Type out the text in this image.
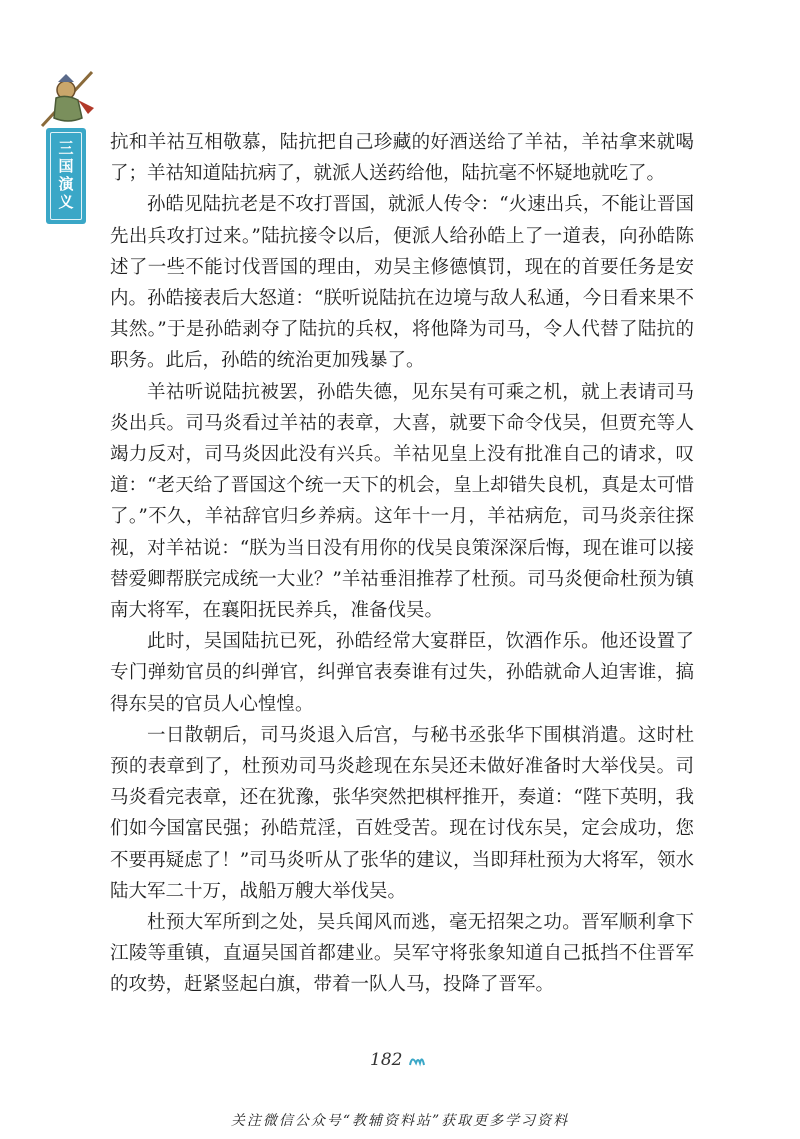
三国演义 抗和羊祜互相敬慕，陆抗把自己珍藏的好酒送给了羊祜，羊祜拿来就喝了；羊祜知道陆抗病了，就派人送药给他，陆抗毫不怀疑地就吃了。

孙皓见陆抗老是不攻打晋国，就派人传令：“火速出兵，不能让晋国先出兵攻打过来。”陆抗接令以后，便派人给孙皓上了一道表，向孙皓陈述了一些不能讨伐晋国的理由，劝吴主修德慎罚，现在的首要任务是安内。孙皓接表后大怒道：“朕听说陆抗在边境与敌人私通，今日看来果不其然。”于是孙皓剥夺了陆抗的兵权，将他降为司马，令人代替了陆抗的职务。此后，孙皓的统治更加残暴了。

羊祜听说陆抗被罢，孙皓失德，见东吴有可乘之机，就上表请司马炎出兵。司马炎看过羊祜的表章，大喜，就要下命令伐吴，但贾充等人竭力反对，司马炎因此没有兴兵。羊祜见皇上没有批准自己的请求，叹道：“老天给了晋国这个统一天下的机会，皇上却错失良机，真是太可惜了。”不久，羊祜辞官归乡养病。这年十一月，羊祜病危，司马炎亲往探视，对羊祜说：“朕为当日没有用你的伐吴良策深深后悔，现在谁可以接替爱卿帮朕完成统一大业？”羊祜垂泪推荐了杜预。司马炎便命杜预为镇南大将军，在襄阳抚民养兵，准备伐吴。

此时，吴国陆抗已死，孙皓经常大宴群臣，饮酒作乐。他还设置了专门弹劾官员的纠弹官，纠弹官表奏谁有过失，孙皓就命人迫害谁，搞得东吴的官员人心惶惶。

一日散朝后，司马炎退入后宫，与秘书丞张华下围棋消遣。这时杜预的表章到了，杜预劝司马炎趁现在东吴还未做好准备时大举伐吴。司马炎看完表章，还在犹豫，张华突然把棋枰推开，奏道：“陛下英明，我们如今国富民强；孙皓荒淫，百姓受苦。现在讨伐东吴，定会成功，您不要再疑虑了！”司马炎听从了张华的建议，当即拜杜预为大将军，领水陆大军二十万，战船万艘大举伐吴。

杜预大军所到之处，吴兵闻风而逃，毫无招架之功。晋军顺利拿下江陵等重镇，直逼吴国首都建业。吴军守将张象知道自己抵挡不住晋军的攻势，赶紧竖起白旗，带着一队人马，投降了晋军。

182
关注微信公众号“教辅资料站”获取更多学习资料
